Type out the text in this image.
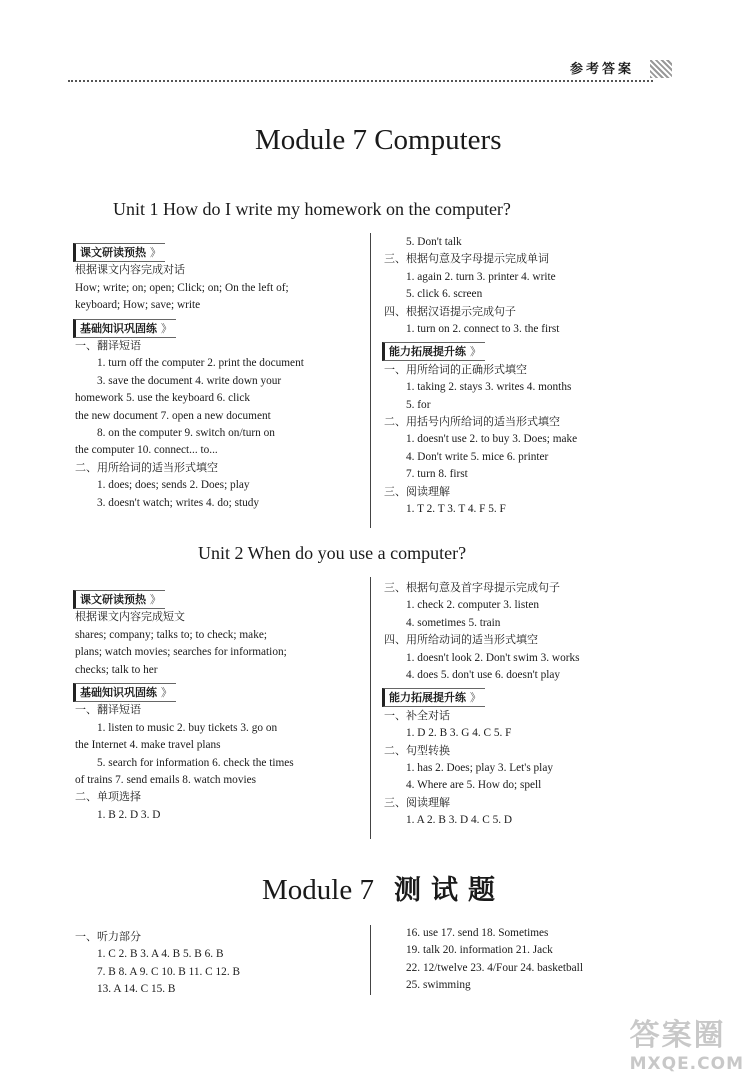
参考答案
Module 7 Computers
Unit 1 How do I write my homework on the computer?
课文研读预热 》
根据课文内容完成对话
How; write; on; open; Click; on; On the left of;
keyboard; How; save; write
基础知识巩固练 》
一、翻译短语
1. turn off the computer 2. print the document
3. save the document 4. write down your
homework 5. use the keyboard 6. click
the new document 7. open a new document
8. on the computer 9. switch on/turn on
the computer 10. connect... to...
二、用所给词的适当形式填空
1. does; does; sends 2. Does; play
3. doesn't watch; writes 4. do; study
5. Don't talk
三、根据句意及字母提示完成单词
1. again 2. turn 3. printer 4. write
5. click 6. screen
四、根据汉语提示完成句子
1. turn on 2. connect to 3. the first
能力拓展提升练 》
一、用所给词的正确形式填空
1. taking 2. stays 3. writes 4. months
5. for
二、用括号内所给词的适当形式填空
1. doesn't use 2. to buy 3. Does; make
4. Don't write 5. mice 6. printer
7. turn 8. first
三、阅读理解
1. T 2. T 3. T 4. F 5. F
Unit 2 When do you use a computer?
课文研读预热 》
根据课文内容完成短文
shares; company; talks to; to check; make;
plans; watch movies; searches for information;
checks; talk to her
基础知识巩固练 》
一、翻译短语
1. listen to music 2. buy tickets 3. go on
the Internet 4. make travel plans
5. search for information 6. check the times
of trains 7. send emails 8. watch movies
二、单项选择
1. B 2. D 3. D
三、根据句意及首字母提示完成句子
1. check 2. computer 3. listen
4. sometimes 5. train
四、用所给动词的适当形式填空
1. doesn't look 2. Don't swim 3. works
4. does 5. don't use 6. doesn't play
能力拓展提升练 》
一、补全对话
1. D 2. B 3. G 4. C 5. F
二、句型转换
1. has 2. Does; play 3. Let's play
4. Where are 5. How do; spell
三、阅读理解
1. A 2. B 3. D 4. C 5. D
Module 7 测试题
一、听力部分
1. C 2. B 3. A 4. B 5. B 6. B
7. B 8. A 9. C 10. B 11. C 12. B
13. A 14. C 15. B
16. use 17. send 18. Sometimes
19. talk 20. information 21. Jack
22. 12/twelve 23. 4/Four 24. basketball
25. swimming
答案圈
MXQE.COM
